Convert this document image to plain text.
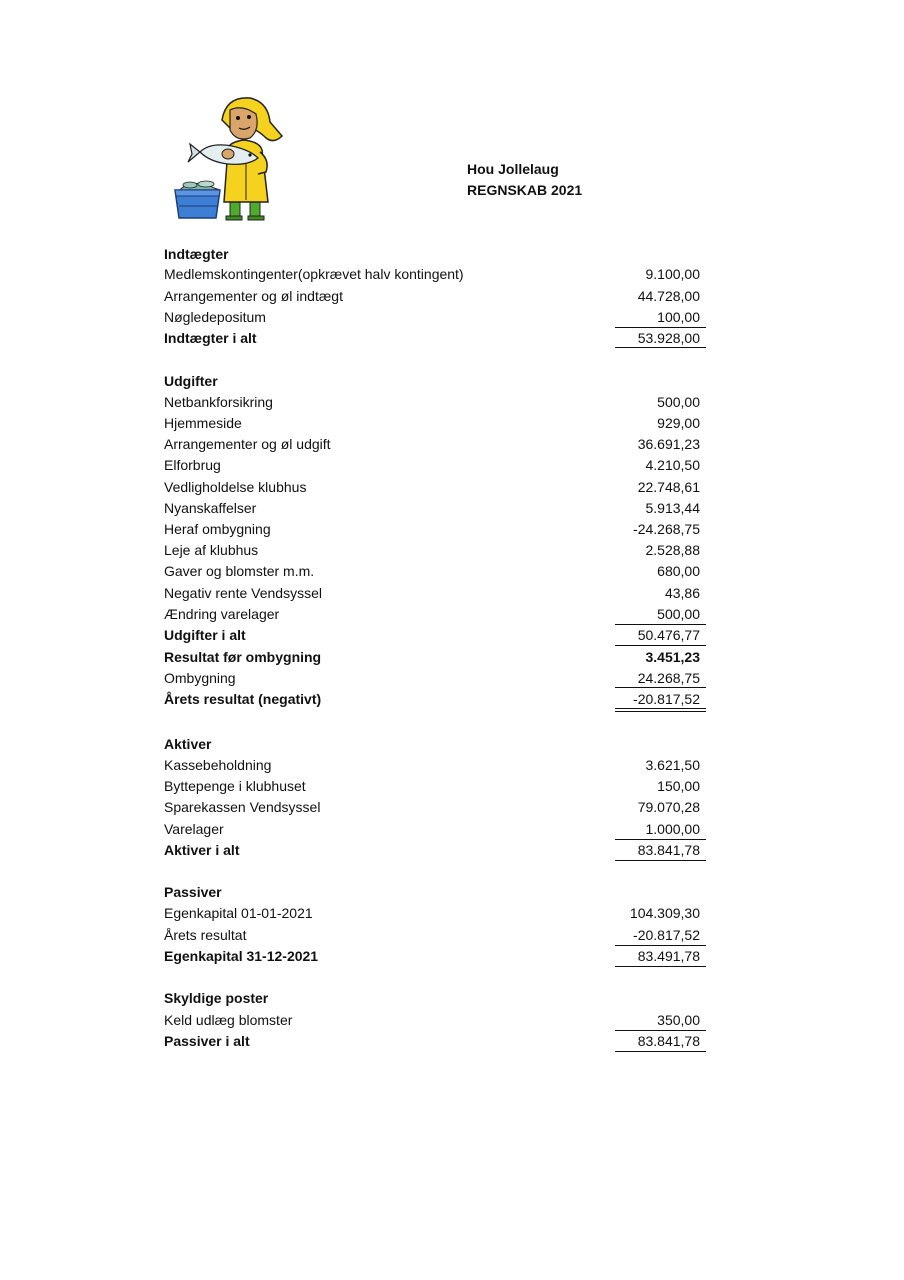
Hou Jollelaug
REGNSKAB 2021
Indtægter
Medlemskontingenter(opkrævet halv kontingent)	9.100,00
Arrangementer og øl indtægt	44.728,00
Nøgledepositum	100,00
Indtægter i alt	53.928,00
Udgifter
Netbankforsikring	500,00
Hjemmeside	929,00
Arrangementer og øl udgift	36.691,23
Elforbrug	4.210,50
Vedligholdelse klubhus	22.748,61
Nyanskaffelser	5.913,44
Heraf ombygning	-24.268,75
Leje af klubhus	2.528,88
Gaver og blomster m.m.	680,00
Negativ rente Vendsyssel	43,86
Ændring varelager	500,00
Udgifter i alt	50.476,77
Resultat før ombygning	3.451,23
Ombygning	24.268,75
Årets resultat (negativt)	-20.817,52
Aktiver
Kassebeholdning	3.621,50
Byttepenge i klubhuset	150,00
Sparekassen Vendsyssel	79.070,28
Varelager	1.000,00
Aktiver i alt	83.841,78
Passiver
Egenkapital 01-01-2021	104.309,30
Årets resultat	-20.817,52
Egenkapital 31-12-2021	83.491,78
Skyldige poster
Keld udlæg blomster	350,00
Passiver i alt	83.841,78
